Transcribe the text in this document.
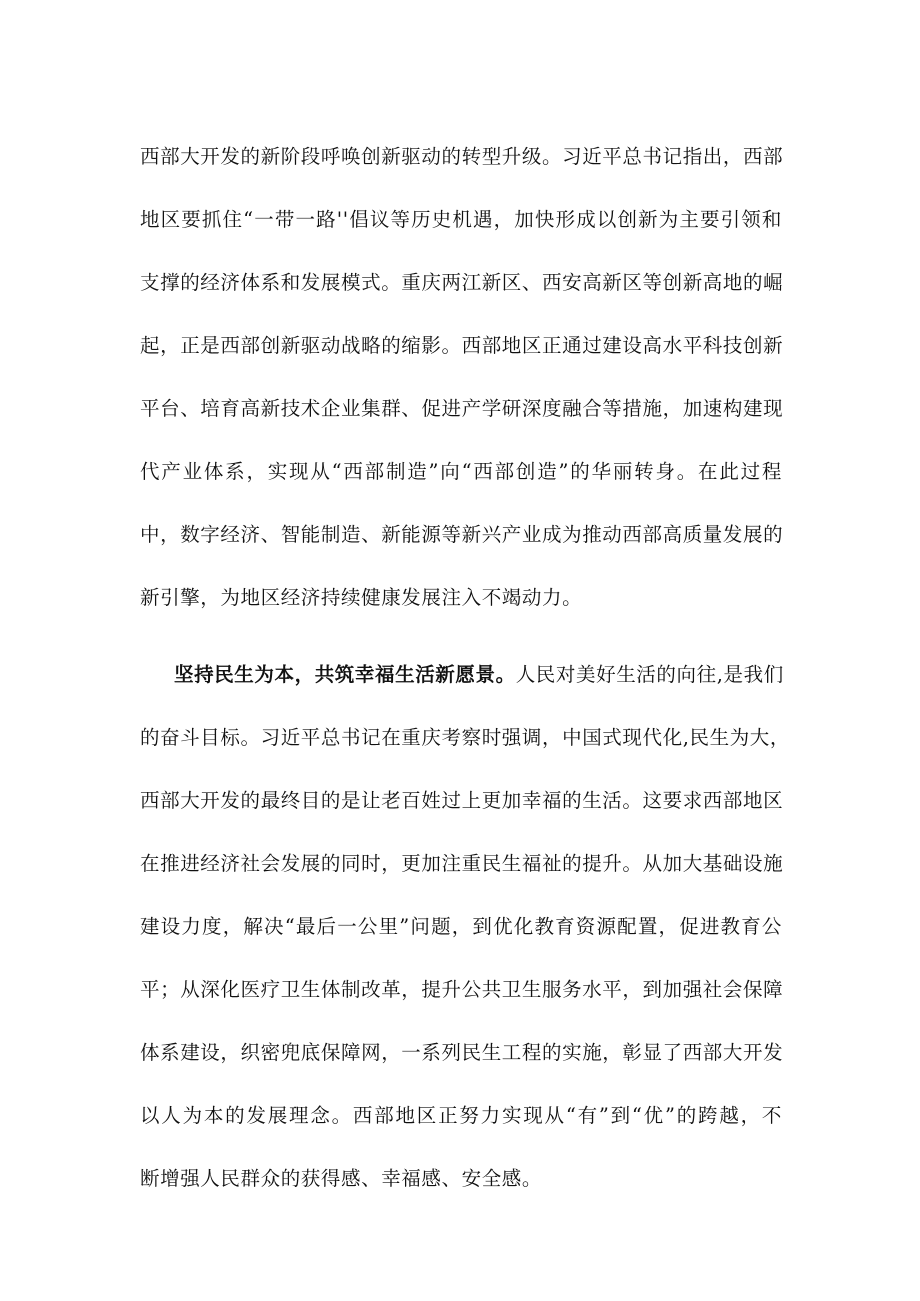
西部大开发的新阶段呼唤创新驱动的转型升级。习近平总书记指出，西部
地区要抓住“一带一路''倡议等历史机遇，加快形成以创新为主要引领和
支撑的经济体系和发展模式。重庆两江新区、西安高新区等创新高地的崛
起，正是西部创新驱动战略的缩影。西部地区正通过建设高水平科技创新
平台、培育高新技术企业集群、促进产学研深度融合等措施，加速构建现
代产业体系，实现从“西部制造”向“西部创造”的华丽转身。在此过程
中，数字经济、智能制造、新能源等新兴产业成为推动西部高质量发展的
新引擎，为地区经济持续健康发展注入不竭动力。
坚持民生为本，共筑幸福生活新愿景。人民对美好生活的向往,是我们
的奋斗目标。习近平总书记在重庆考察时强调，中国式现代化,民生为大，
西部大开发的最终目的是让老百姓过上更加幸福的生活。这要求西部地区
在推进经济社会发展的同时，更加注重民生福祉的提升。从加大基础设施
建设力度，解决“最后一公里”问题，到优化教育资源配置，促进教育公
平；从深化医疗卫生体制改革，提升公共卫生服务水平，到加强社会保障
体系建设，织密兜底保障网，一系列民生工程的实施，彰显了西部大开发
以人为本的发展理念。西部地区正努力实现从“有”到“优”的跨越，不
断增强人民群众的获得感、幸福感、安全感。
